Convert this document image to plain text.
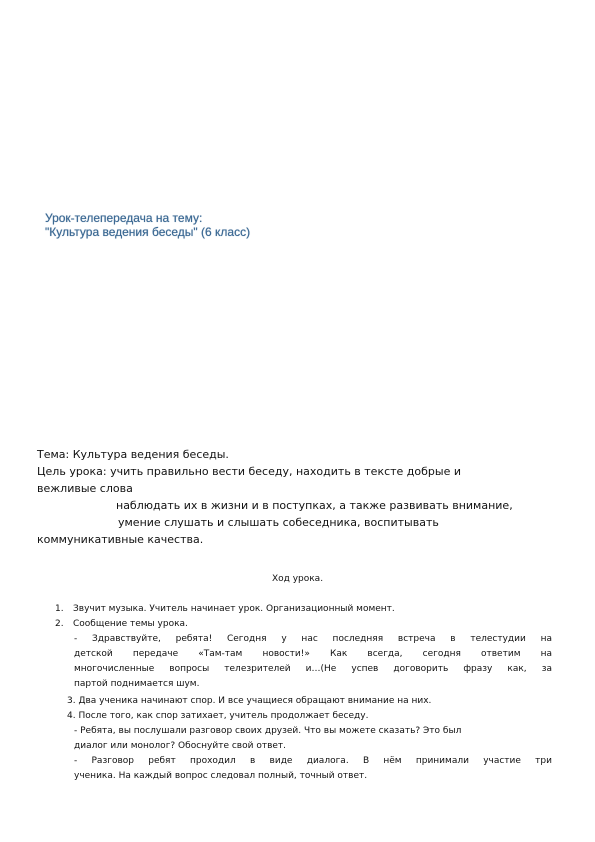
Урок-телепередача на тему:
"Культура ведения беседы" (6 класс)
Тема: Культура ведения беседы.
Цель урока: учить правильно вести беседу, находить в тексте добрые и
вежливые слова
наблюдать их в жизни и в поступках, а также развивать внимание,
умение слушать и слышать собеседника, воспитывать
коммуникативные качества.
Ход урока.
1. Звучит музыка. Учитель начинает урок. Организационный момент.
2. Сообщение темы урока.
- Здравствуйте, ребята! Сегодня у нас последняя встреча в телестудии на
детской передаче «Там-там новости!» Как всегда, сегодня ответим на
многочисленные вопросы телезрителей и…(Не успев договорить фразу как, за
партой поднимается шум.
3. Два ученика начинают спор. И все учащиеся обращают внимание на них.
4. После того, как спор затихает, учитель продолжает беседу.
- Ребята, вы послушали разговор своих друзей. Что вы можете сказать? Это был
диалог или монолог? Обоснуйте свой ответ.
- Разговор ребят проходил в виде диалога. В нём принимали участие три
ученика. На каждый вопрос следовал полный, точный ответ.
